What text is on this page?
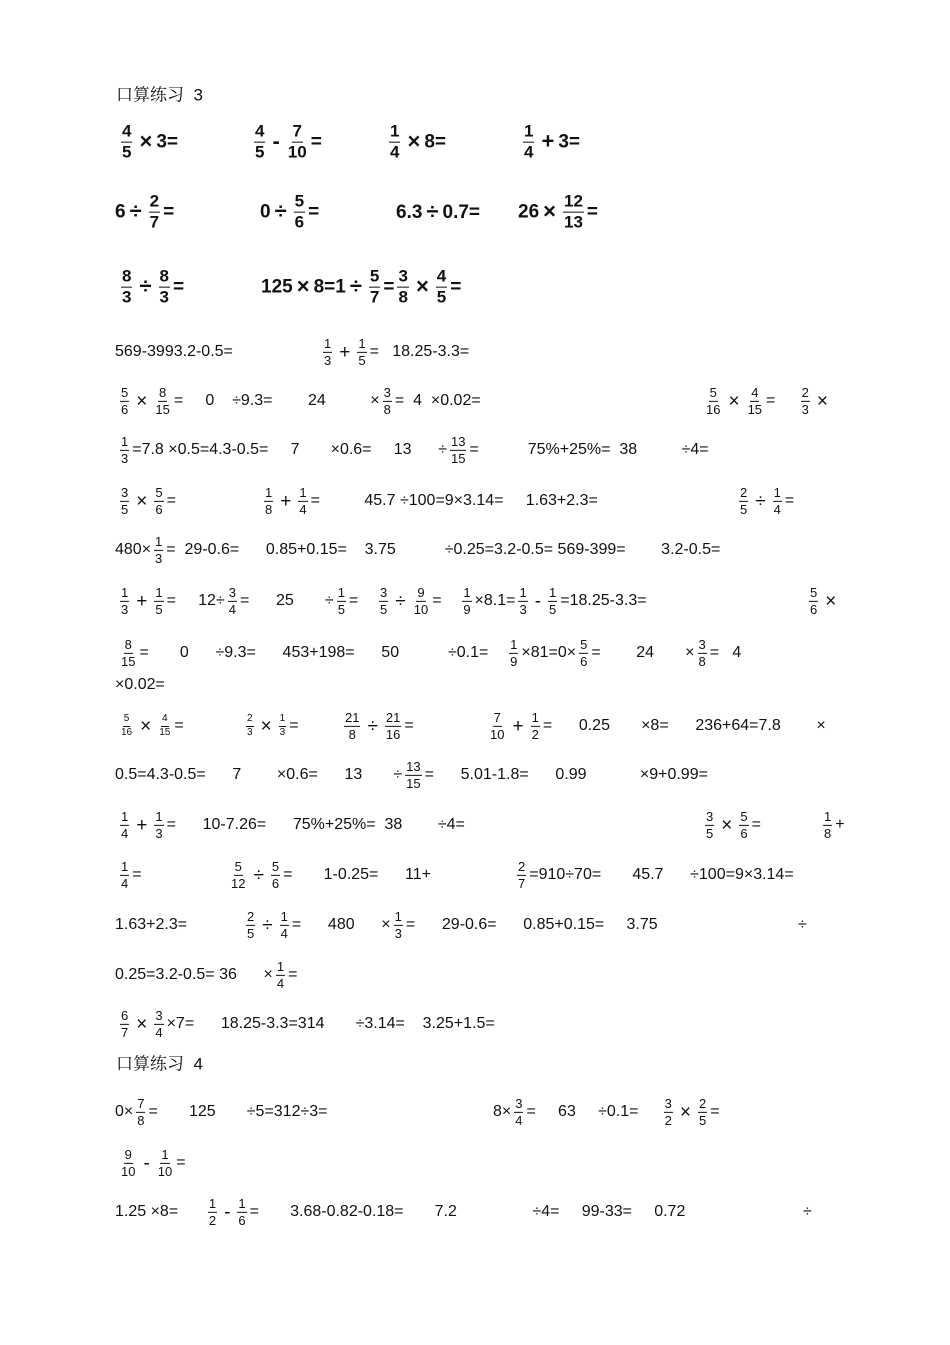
口算练习  3
$\frac{4}{5} \times 3=$	$\frac{4}{5} - \frac{7}{10}$ =	$\frac{1}{4} \times 8=$	$\frac{1}{4} + 3=$
$6 \div \frac{2}{7}$ =	$0 \div \frac{5}{6}$ =	$6.3 \div 0.7= 26 \times \frac{12}{13}$ =
$\frac{8}{3} \div \frac{8}{3}$ =	$125 \times 8= 1 \div \frac{5}{7} = \frac{3}{8} \times \frac{4}{5}$ =
569-3993.2-0.5=	$\frac{1}{3} + \frac{1}{5} = 18.25-3.3=$
$\frac{5}{6} \times \frac{8}{15}$ =     0    ÷9.3=        24          × $\frac{3}{8} = 4 \times 0.02=$	$\frac{5}{16} \times \frac{4}{15} = \frac{2}{3}$ ×
$\frac{1}{3} =7.8 \times 0.5=4.3-0.5=$     7       ×0.6=     13      ÷ $\frac{13}{15}$ =           75%+25%=  38          ÷4=
$\frac{3}{5} \times \frac{5}{6}$ =	$\frac{1}{8} + \frac{1}{4}$ =          45.7 ÷100=9×3.14=     1.63+2.3=	$\frac{2}{5} \div \frac{1}{4}$ =
$480\times \frac{1}{3} = 29-0.6=$      0.85+0.15=    3.75           ÷0.25=3.2-0.5= 569-399=        3.2-0.5=
$\frac{1}{3} + \frac{1}{5}$ =     $12\div \frac{3}{4}$ =      25       ÷ $\frac{1}{5} = \frac{3}{5} \div \frac{9}{10} = \frac{1}{9} \times 8.1= \frac{1}{3} - \frac{1}{5} =18.25-3.3=$	$\frac{5}{6}$ ×
$\frac{8}{15}$ =       0      ÷9.3=      453+198=      50           $\div 0.1= \frac{1}{9} \times 81=0\times \frac{5}{6}$ =        24       × $\frac{3}{8} = 4$
×0.02=
$\frac{5}{16} \times \frac{4}{15}$ =	$\frac{2}{3} \times \frac{1}{3}$ =	$\frac{21}{8} \div \frac{21}{16}$ =	$\frac{7}{10} + \frac{1}{2}$ =      0.25       ×8=      236+64=7.8        ×
0.5=4.3-0.5=      7        ×0.6=      13       ÷ $\frac{13}{15}$ =      5.01-1.8=      0.99            ×9+0.99=
$\frac{1}{4} + \frac{1}{3}$ =      10-7.26=      75%+25%=  38        ÷4=	$\frac{3}{5} \times \frac{5}{6}$ =	$\frac{1}{8}$ +
$\frac{1}{4}$ =	$\frac{5}{12} \div \frac{5}{6}$ =       1-0.25=      11+	$\frac{2}{7} =910\div 70=$       45.7      ÷100=9×3.14=
1.63+2.3=	$\frac{2}{5} \div \frac{1}{4}$ =      480      × $\frac{1}{3}$ =      29-0.6=      0.85+0.15=     3.75	÷
0.25=3.2-0.5= 36      × $\frac{1}{4}$ =
$\frac{6}{7} \times \frac{3}{4} \times 7=$      18.25-3.3=314       ÷3.14=    3.25+1.5=
口算练习  4
$0\times \frac{7}{8}$ =       125       ÷5=312÷3=	$8\times \frac{3}{4}$ =     63     $\div 0.1= \frac{3}{2} \times \frac{2}{5}$ =
$\frac{9}{10} - \frac{1}{10}$ =
$1.25 \times 8= \frac{1}{2} - \frac{1}{6}$ =       3.68-0.82-0.18=       7.2                 ÷4=     99-33=     0.72	÷
